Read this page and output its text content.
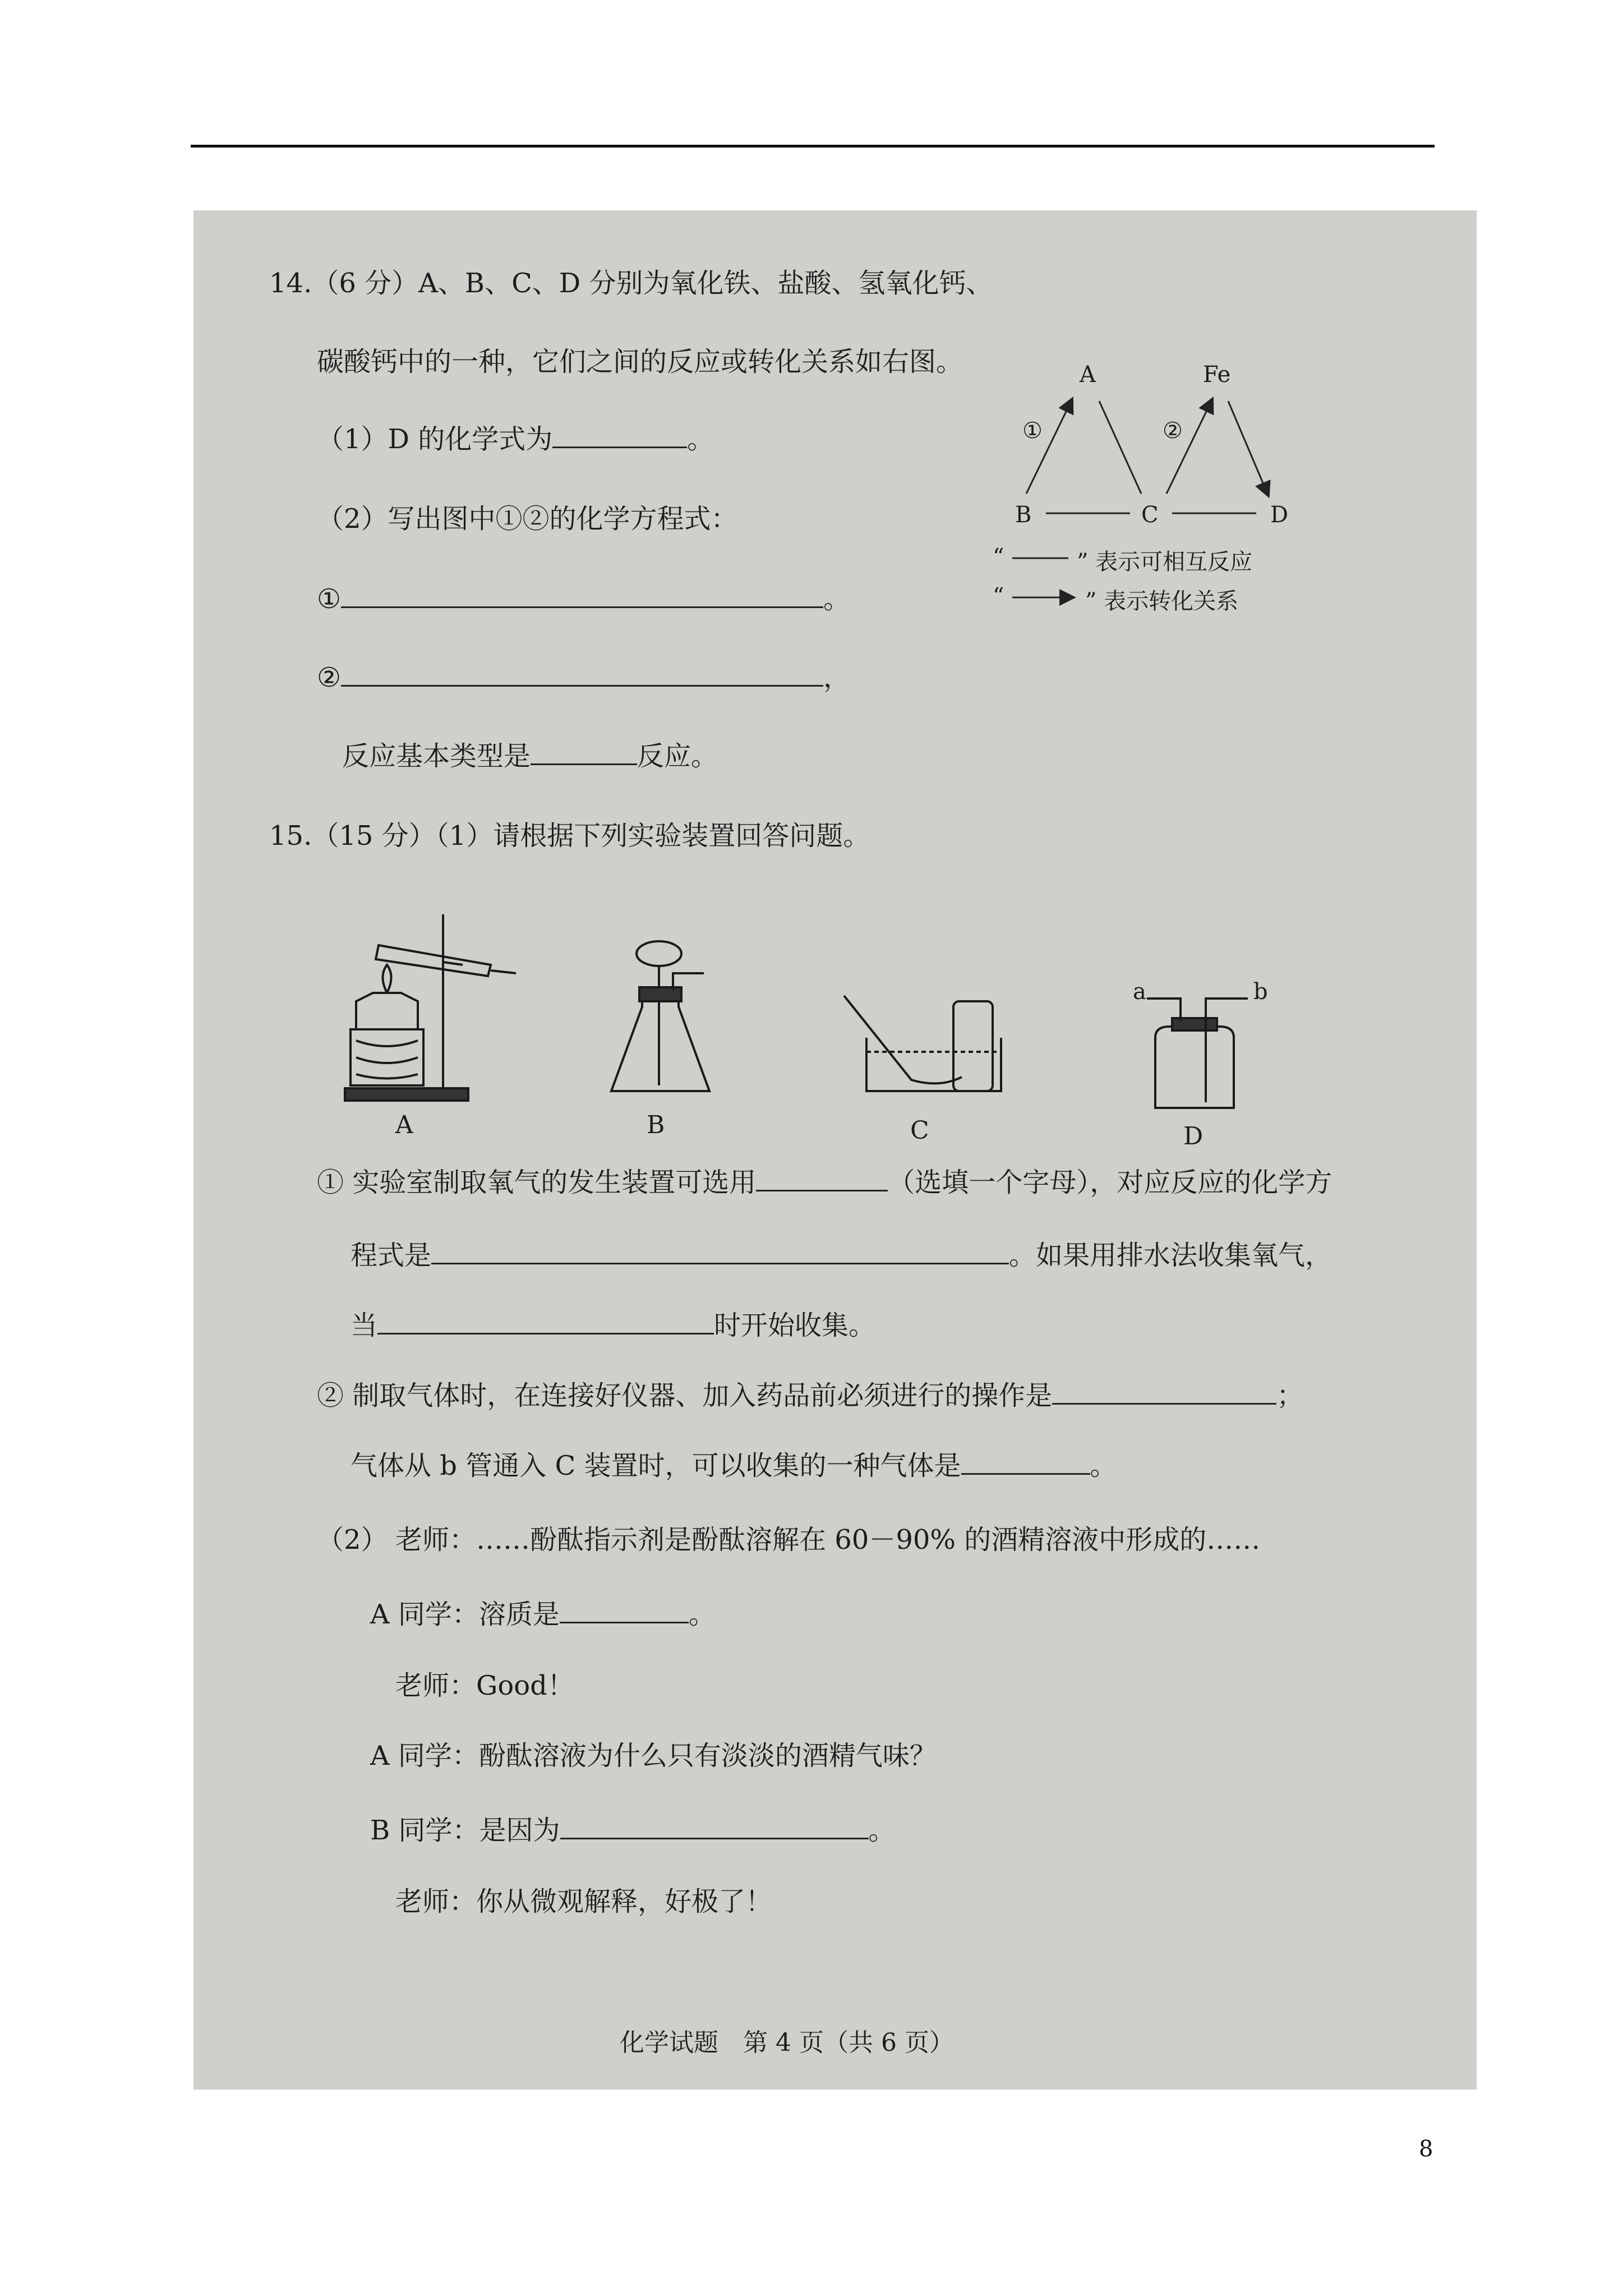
14.（6 分）A、B、C、D 分别为氧化铁、盐酸、氢氧化钙、
碳酸钙中的一种，它们之间的反应或转化关系如右图。
（1）D 的化学式为	。
（2）写出图中①②的化学方程式：
①	。
②	，
反应基本类型是	反应。
A	Fe
B	C	D
①	②
“	” 表示可相互反应
“	” 表示转化关系
15.（15 分）（1）请根据下列实验装置回答问题。
A	B	C	D
a	b
① 实验室制取氧气的发生装置可选用	（选填一个字母），对应反应的化学方
程式是	。如果用排水法收集氧气，
当	时开始收集。
② 制取气体时，在连接好仪器、加入药品前必须进行的操作是	；
气体从 b 管通入 C 装置时，可以收集的一种气体是	。
（2） 老师：……酚酞指示剂是酚酞溶解在 60－90% 的酒精溶液中形成的……
A 同学：溶质是	。
老师：Good！
A 同学：酚酞溶液为什么只有淡淡的酒精气味？
B 同学：是因为	。
老师：你从微观解释，好极了！
化学试题　第 4 页（共 6 页）
8
